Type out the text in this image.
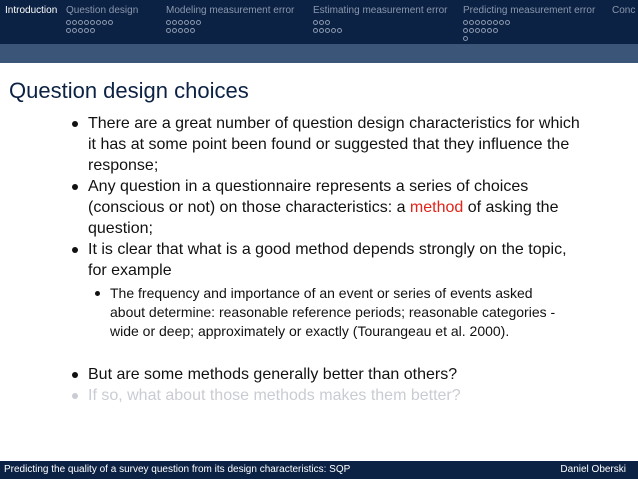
Introduction Question design	Modeling measurement error Estimating measurement error Predicting measurement error Conc
Question design choices
There are a great number of question design characteristics for which it has at some point been found or suggested that they influence the response;
Any question in a questionnaire represents a series of choices (conscious or not) on those characteristics: a method of asking the question;
It is clear that what is a good method depends strongly on the topic, for example
The frequency and importance of an event or series of events asked about determine: reasonable reference periods; reasonable categories - wide or deep; approximately or exactly (Tourangeau et al. 2000).
But are some methods generally better than others?
If so, what about those methods makes them better?
Predicting the quality of a survey question from its design characteristics: SQP	Daniel Oberski
